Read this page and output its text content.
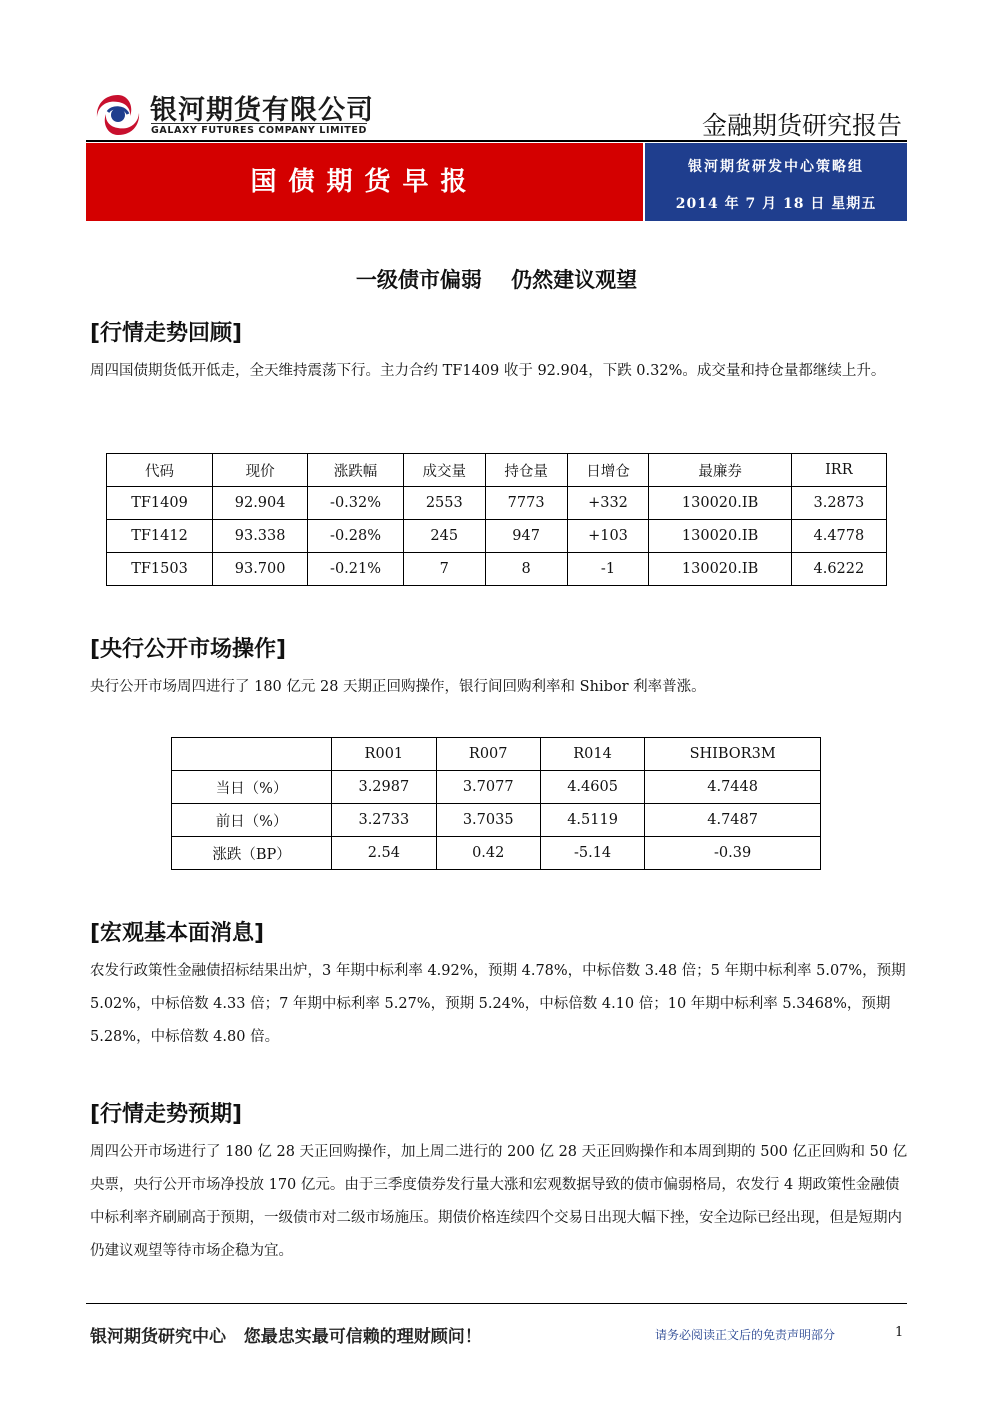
银河期货有限公司
GALAXY FUTURES COMPANY LIMITED	金融期货研究报告
国债期货早报	银河期货研发中心策略组
2014 年 7 月 18 日 星期五
一级债市偏弱    仍然建议观望
[行情走势回顾]
周四国债期货低开低走，全天维持震荡下行。主力合约 TF1409 收于 92.904，下跌 0.32%。成交量和持仓量都继续上升。
代码	现价	涨跌幅	成交量	持仓量	日增仓	最廉券	IRR
TF1409	92.904	-0.32%	2553	7773	+332	130020.IB	3.2873
TF1412	93.338	-0.28%	245	947	+103	130020.IB	4.4778
TF1503	93.700	-0.21%	7	8	-1	130020.IB	4.6222
[央行公开市场操作]
央行公开市场周四进行了 180 亿元 28 天期正回购操作，银行间回购利率和 Shibor 利率普涨。
	R001	R007	R014	SHIBOR3M
当日（%）	3.2987	3.7077	4.4605	4.7448
前日（%）	3.2733	3.7035	4.5119	4.7487
涨跌（BP）	2.54	0.42	-5.14	-0.39
[宏观基本面消息]
农发行政策性金融债招标结果出炉，3 年期中标利率 4.92%，预期 4.78%，中标倍数 3.48 倍；5 年期中标利率 5.07%，预期 5.02%，中标倍数 4.33 倍；7 年期中标利率 5.27%，预期 5.24%，中标倍数 4.10 倍；10 年期中标利率 5.3468%，预期 5.28%，中标倍数 4.80 倍。
[行情走势预期]
周四公开市场进行了 180 亿 28 天正回购操作，加上周二进行的 200 亿 28 天正回购操作和本周到期的 500 亿正回购和 50 亿央票，央行公开市场净投放 170 亿元。由于三季度债券发行量大涨和宏观数据导致的债市偏弱格局，农发行 4 期政策性金融债中标利率齐刷刷高于预期，一级债市对二级市场施压。期债价格连续四个交易日出现大幅下挫，安全边际已经出现，但是短期内仍建议观望等待市场企稳为宜。
银河期货研究中心   您最忠实最可信赖的理财顾问！	请务必阅读正文后的免责声明部分	1
